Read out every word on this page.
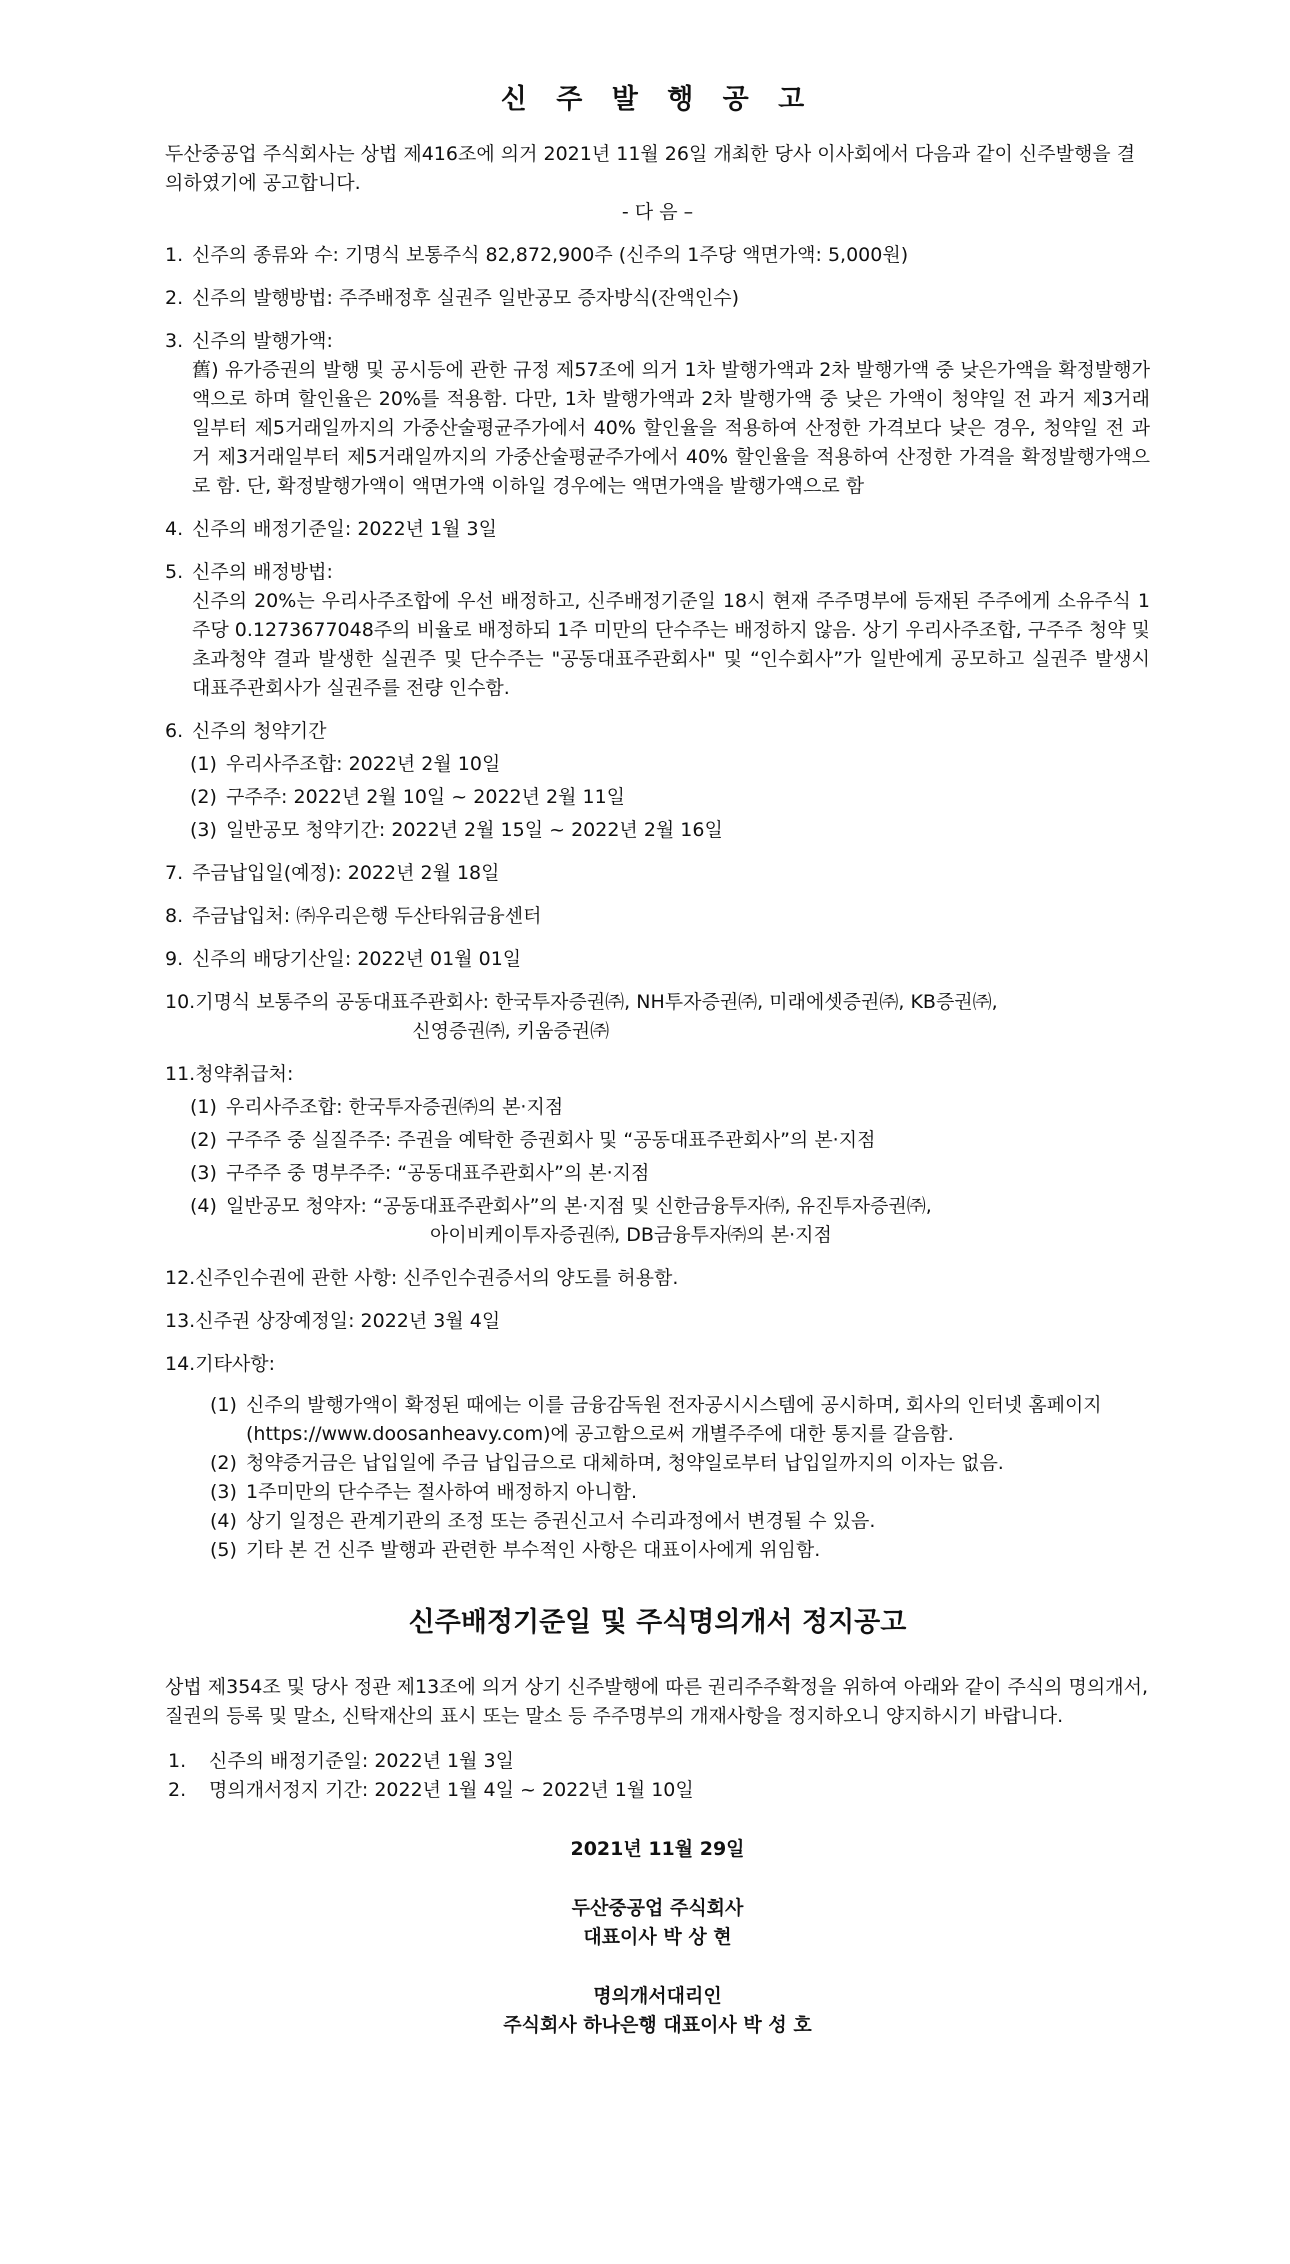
신 주 발 행 공 고

두산중공업 주식회사는 상법 제416조에 의거 2021년 11월 26일 개최한 당사 이사회에서 다음과 같이 신주발행을 결의하였기에 공고합니다.

- 다 음 –

1. 신주의 종류와 수: 기명식 보통주식 82,872,900주 (신주의 1주당 액면가액: 5,000원)
2. 신주의 발행방법: 주주배정후 실권주 일반공모 증자방식(잔액인수)
3. 신주의 발행가액:
舊) 유가증권의 발행 및 공시등에 관한 규정 제57조에 의거 1차 발행가액과 2차 발행가액 중 낮은가액을 확정발행가액으로 하며 할인율은 20%를 적용함. 다만, 1차 발행가액과 2차 발행가액 중 낮은 가액이 청약일 전 과거 제3거래일부터 제5거래일까지의 가중산술평균주가에서 40% 할인율을 적용하여 산정한 가격보다 낮은 경우, 청약일 전 과거 제3거래일부터 제5거래일까지의 가중산술평균주가에서 40% 할인율을 적용하여 산정한 가격을 확정발행가액으로 함. 단, 확정발행가액이 액면가액 이하일 경우에는 액면가액을 발행가액으로 함
4. 신주의 배정기준일: 2022년 1월 3일
5. 신주의 배정방법:
신주의 20%는 우리사주조합에 우선 배정하고, 신주배정기준일 18시 현재 주주명부에 등재된 주주에게 소유주식 1주당 0.1273677048주의 비율로 배정하되 1주 미만의 단수주는 배정하지 않음. 상기 우리사주조합, 구주주 청약 및 초과청약 결과 발생한 실권주 및 단수주는 "공동대표주관회사" 및 “인수회사”가 일반에게 공모하고 실권주 발생시 대표주관회사가 실권주를 전량 인수함.
6. 신주의 청약기간
(1) 우리사주조합: 2022년 2월 10일
(2) 구주주: 2022년 2월 10일 ~ 2022년 2월 11일
(3) 일반공모 청약기간: 2022년 2월 15일 ~ 2022년 2월 16일
7. 주금납입일(예정): 2022년 2월 18일
8. 주금납입처: ㈜우리은행 두산타워금융센터
9. 신주의 배당기산일: 2022년 01월 01일
10. 기명식 보통주의 공동대표주관회사: 한국투자증권㈜, NH투자증권㈜, 미래에셋증권㈜, KB증권㈜,
신영증권㈜, 키움증권㈜
11. 청약취급처:
(1) 우리사주조합: 한국투자증권㈜의 본·지점
(2) 구주주 중 실질주주: 주권을 예탁한 증권회사 및 “공동대표주관회사”의 본·지점
(3) 구주주 중 명부주주: “공동대표주관회사”의 본·지점
(4) 일반공모 청약자: “공동대표주관회사”의 본·지점 및 신한금융투자㈜, 유진투자증권㈜,
아이비케이투자증권㈜, DB금융투자㈜의 본·지점
12. 신주인수권에 관한 사항: 신주인수권증서의 양도를 허용함.
13. 신주권 상장예정일: 2022년 3월 4일
14. 기타사항:
(1) 신주의 발행가액이 확정된 때에는 이를 금융감독원 전자공시시스템에 공시하며, 회사의 인터넷 홈페이지(https://www.doosanheavy.com)에 공고함으로써 개별주주에 대한 통지를 갈음함.
(2) 청약증거금은 납입일에 주금 납입금으로 대체하며, 청약일로부터 납입일까지의 이자는 없음.
(3) 1주미만의 단수주는 절사하여 배정하지 아니함.
(4) 상기 일정은 관계기관의 조정 또는 증권신고서 수리과정에서 변경될 수 있음.
(5) 기타 본 건 신주 발행과 관련한 부수적인 사항은 대표이사에게 위임함.
신주배정기준일 및 주식명의개서 정지공고

상법 제354조 및 당사 정관 제13조에 의거 상기 신주발행에 따른 권리주주확정을 위하여 아래와 같이 주식의 명의개서, 질권의 등록 및 말소, 신탁재산의 표시 또는 말소 등 주주명부의 개재사항을 정지하오니 양지하시기 바랍니다.

1.	신주의 배정기준일: 2022년 1월 3일
2.	명의개서정지 기간: 2022년 1월 4일 ~ 2022년 1월 10일
2021년 11월 29일
두산중공업 주식회사
대표이사 박 상 현
명의개서대리인
주식회사 하나은행 대표이사 박 성 호
